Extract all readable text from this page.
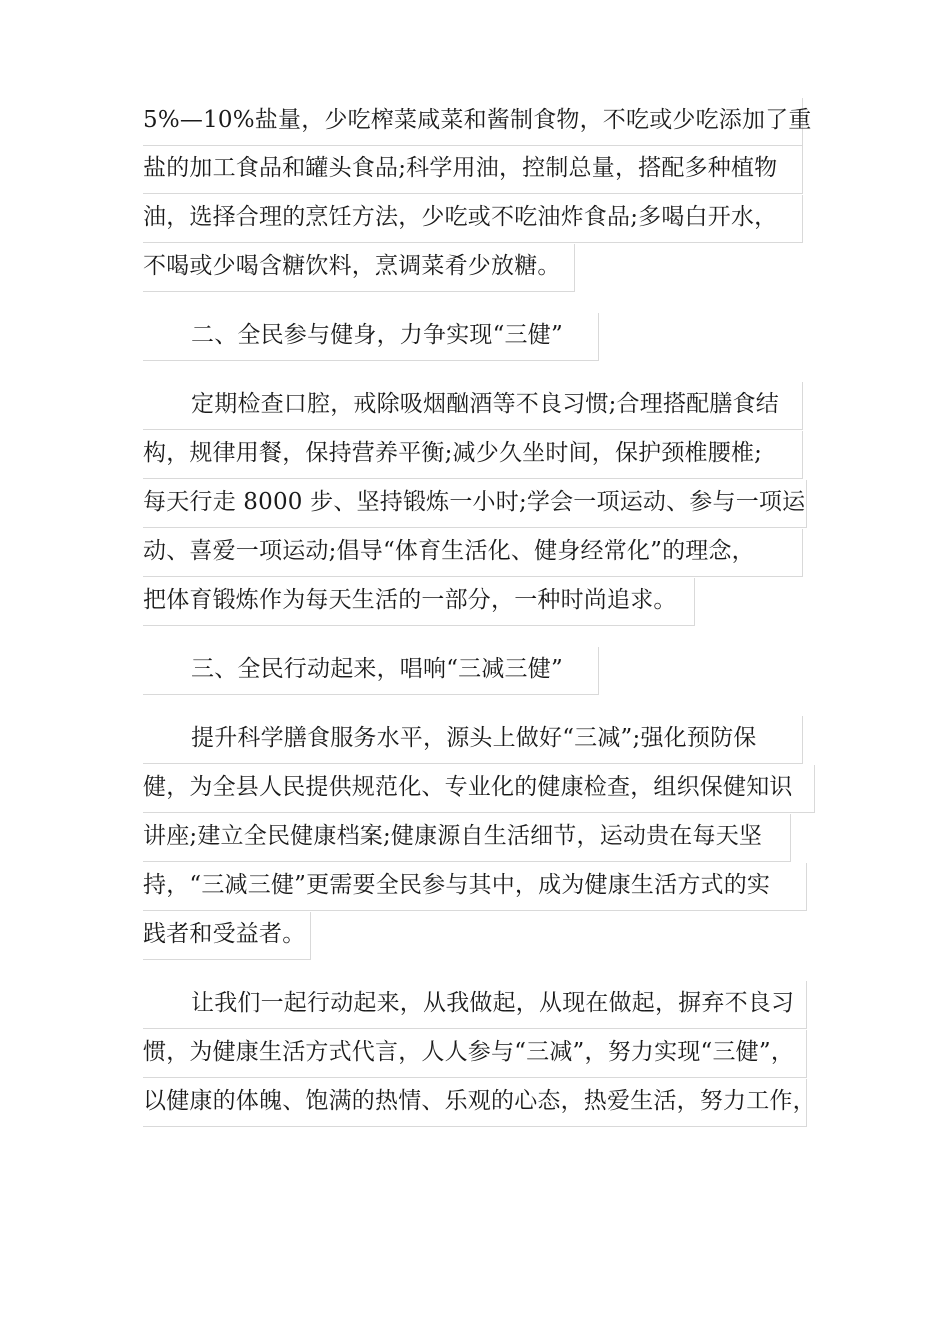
5%—10%盐量，少吃榨菜咸菜和酱制食物，不吃或少吃添加了重
盐的加工食品和罐头食品;科学用油，控制总量，搭配多种植物
油，选择合理的烹饪方法，少吃或不吃油炸食品;多喝白开水，
不喝或少喝含糖饮料，烹调菜肴少放糖。
二、全民参与健身，力争实现“三健”
定期检查口腔，戒除吸烟酗酒等不良习惯;合理搭配膳食结
构，规律用餐，保持营养平衡;减少久坐时间，保护颈椎腰椎;
每天行走 8000 步、坚持锻炼一小时;学会一项运动、参与一项运
动、喜爱一项运动;倡导“体育生活化、健身经常化”的理念，
把体育锻炼作为每天生活的一部分，一种时尚追求。
三、全民行动起来，唱响“三减三健”
提升科学膳食服务水平，源头上做好“三减”;强化预防保
健，为全县人民提供规范化、专业化的健康检查，组织保健知识
讲座;建立全民健康档案;健康源自生活细节，运动贵在每天坚
持，“三减三健”更需要全民参与其中，成为健康生活方式的实
践者和受益者。
让我们一起行动起来，从我做起，从现在做起，摒弃不良习
惯，为健康生活方式代言，人人参与“三减”，努力实现“三健”，
以健康的体魄、饱满的热情、乐观的心态，热爱生活，努力工作，
